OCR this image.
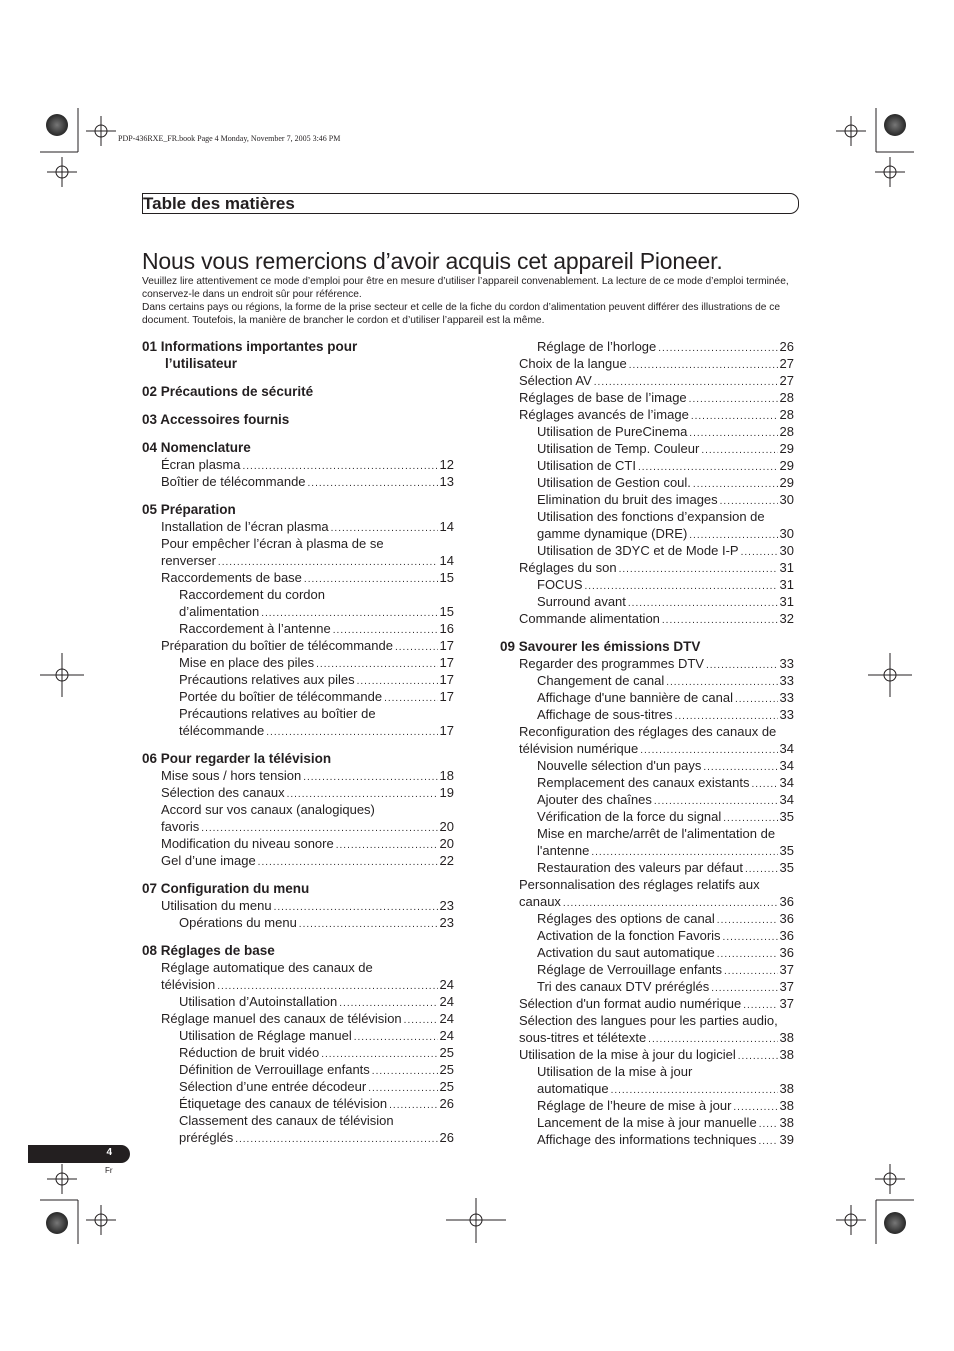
PDP-436RXE_FR.book Page 4 Monday, November 7, 2005 3:46 PM
Table des matières
Nous vous remercions d’avoir acquis cet appareil Pioneer.

Veuillez lire attentivement ce mode d’emploi pour être en mesure d’utiliser l’appareil convenablement. La lecture de ce mode d’emploi terminée, conservez-le dans un endroit sûr pour référence.

Dans certains pays ou régions, la forme de la prise secteur et celle de la fiche du cordon d’alimentation peuvent différer des illustrations de ce document. Toutefois, la manière de brancher le cordon et d’utiliser l’appareil est la même.

01 Informations importantes pour
l’utilisateur
02 Précautions de sécurité
03 Accessoires fournis
04 Nomenclature
Écran plasma .....	12
Boîtier de télécommande .....	13
05 Préparation
Installation de l’écran plasma .....	14
Pour empêcher l’écran à plasma de se
renverser .....	14
Raccordements de base .....	15
Raccordement du cordon
d’alimentation .....	15
Raccordement à l’antenne .....	16
Préparation du boîtier de télécommande .....	17
Mise en place des piles .....	17
Précautions relatives aux piles .....	17
Portée du boîtier de télécommande .....	17
Précautions relatives au boîtier de
télécommande .....	17
06 Pour regarder la télévision
Mise sous / hors tension .....	18
Sélection des canaux .....	19
Accord sur vos canaux (analogiques)
favoris .....	20
Modification du niveau sonore .....	20
Gel d’une image .....	22
07 Configuration du menu
Utilisation du menu .....	23
Opérations du menu .....	23
08 Réglages de base
Réglage automatique des canaux de
télévision .....	24
Utilisation d’Autoinstallation .....	24
Réglage manuel des canaux de télévision .....	24
Utilisation de Réglage manuel .....	24
Réduction de bruit vidéo .....	25
Définition de Verrouillage enfants .....	25
Sélection d’une entrée décodeur .....	25
Étiquetage des canaux de télévision .....	26
Classement des canaux de télévision
préréglés .....	26
Réglage de l’horloge .....	26
Choix de la langue .....	27
Sélection AV .....	27
Réglages de base de l’image .....	28
Réglages avancés de l’image .....	28
Utilisation de PureCinema .....	28
Utilisation de Temp. Couleur .....	29
Utilisation de CTI .....	29
Utilisation de Gestion coul. .....	29
Elimination du bruit des images .....	30
Utilisation des fonctions d’expansion de
gamme dynamique (DRE) .....	30
Utilisation de 3DYC et de Mode I-P .....	30
Réglages du son .....	31
FOCUS .....	31
Surround avant .....	31
Commande alimentation .....	32
09 Savourer les émissions DTV
Regarder des programmes DTV .....	33
Changement de canal .....	33
Affichage d'une bannière de canal .....	33
Affichage de sous-titres .....	33
Reconfiguration des réglages des canaux de
télévision numérique .....	34
Nouvelle sélection d'un pays .....	34
Remplacement des canaux existants ..... 34
Ajouter des chaînes .....	34
Vérification de la force du signal .....	35
Mise en marche/arrêt de l'alimentation de
l'antenne .....	35
Restauration des valeurs par défaut .....	35
Personnalisation des réglages relatifs aux
canaux .....	36
Réglages des options de canal .....	36
Activation de la fonction Favoris .....	36
Activation du saut automatique .....	36
Réglage de Verrouillage enfants .....	37
Tri des canaux DTV préréglés .....	37
Sélection d'un format audio numérique .....	37
Sélection des langues pour les parties audio,
sous-titres et télétexte .....	38
Utilisation de la mise à jour du logiciel .....	38
Utilisation de la mise à jour
automatique .....	38
Réglage de l’heure de mise à jour .....	38
Lancement de la mise à jour manuelle ..... 38
Affichage des informations techniques ..... 39
4
Fr
